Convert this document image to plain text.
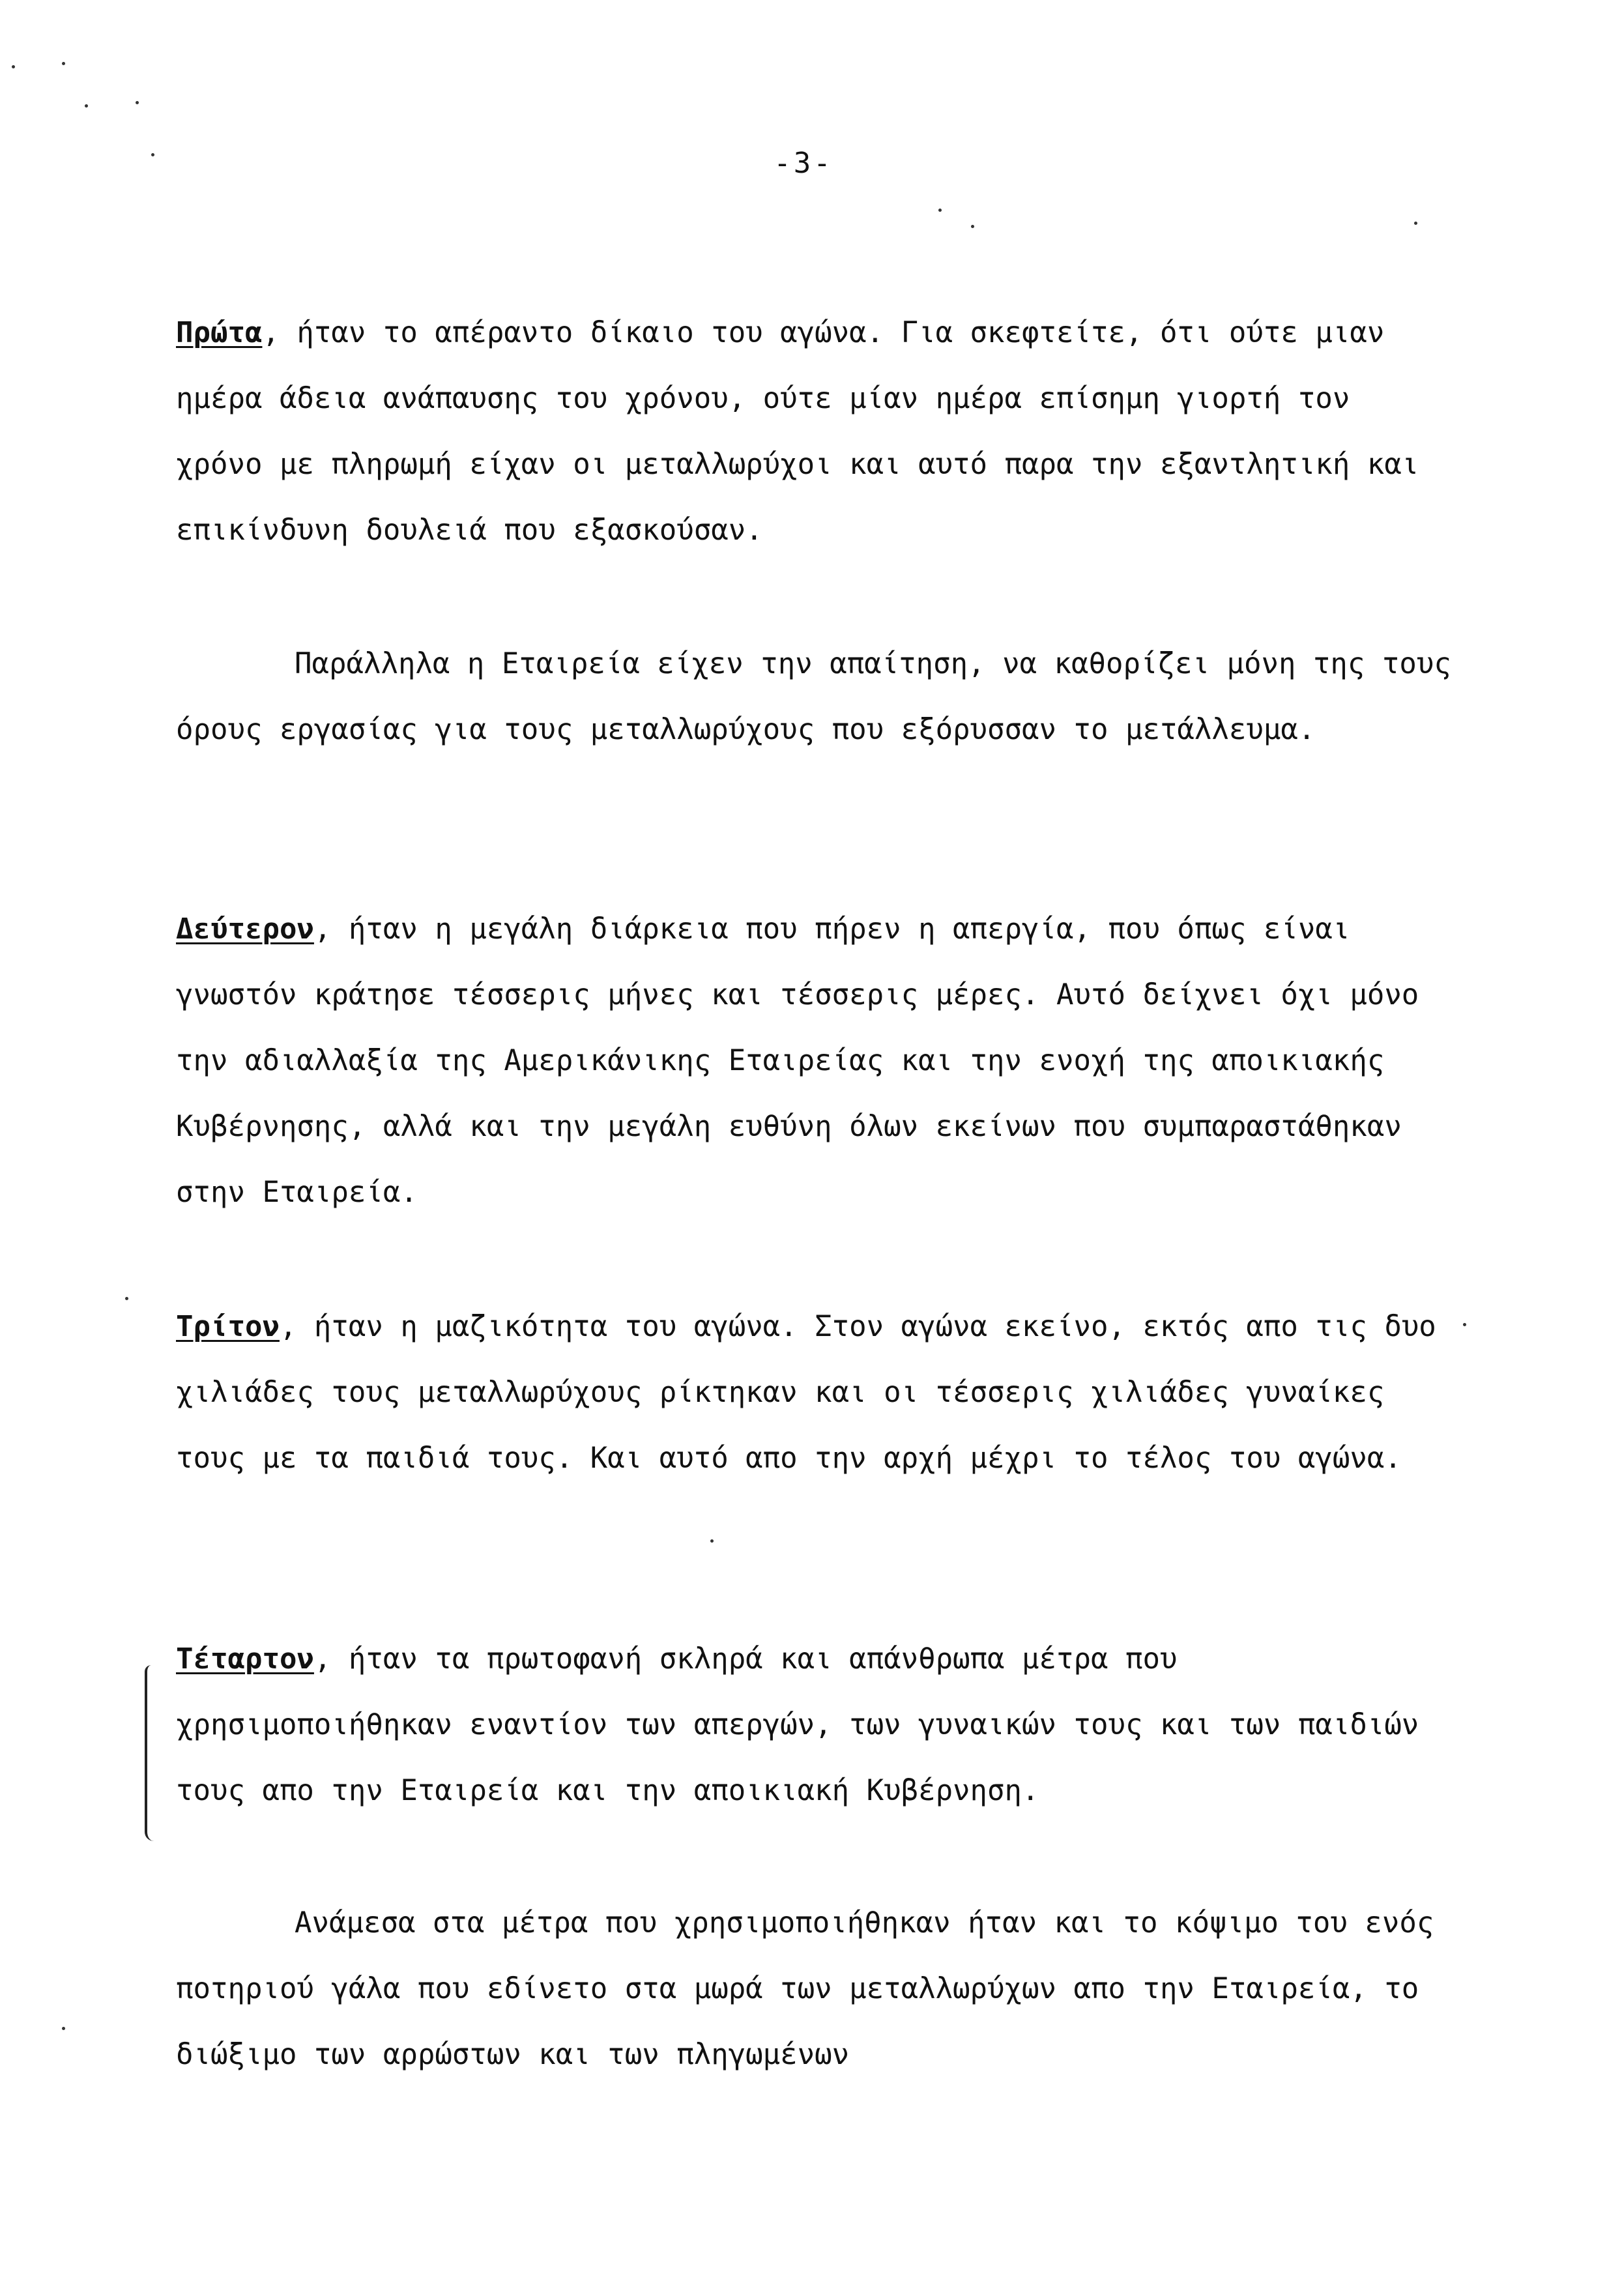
-3-

Πρώτα, ήταν το απέραντο δίκαιο του αγώνα. Για σκεφτείτε, ότι ούτε μιαν ημέρα άδεια ανάπαυσης του χρόνου, ούτε μίαν ημέρα επίσημη γιορτή τον χρόνο με πληρωμή είχαν οι μεταλλωρύχοι και αυτό παρα την εξαντλητική και επικίνδυνη δουλειά που εξασκούσαν.

Παράλληλα η Εταιρεία είχεν την απαίτηση, να καθορίζει μόνη της τους όρους εργασίας για τους μεταλλωρύχους που εξόρυσσαν το μετάλλευμα.

Δεύτερον, ήταν η μεγάλη διάρκεια που πήρεν η απεργία, που όπως είναι γνωστόν κράτησε τέσσερις μήνες και τέσσερις μέρες. Αυτό δείχνει όχι μόνο την αδιαλλαξία της Αμερικάνικης Εταιρείας και την ενοχή της αποικιακής Κυβέρνησης, αλλά και την μεγάλη ευθύνη όλων εκείνων που συμπαραστάθηκαν στην Εταιρεία.

Τρίτον, ήταν η μαζικότητα του αγώνα. Στον αγώνα εκείνο, εκτός απο τις δυο χιλιάδες τους μεταλλωρύχους ρίκτηκαν και οι τέσσερις χιλιάδες γυναίκες τους με τα παιδιά τους. Και αυτό απο την αρχή μέχρι το τέλος του αγώνα.

Τέταρτον, ήταν τα πρωτοφανή σκληρά και απάνθρωπα μέτρα που χρησιμοποιήθηκαν εναντίον των απεργών, των γυναικών τους και των παιδιών τους απο την Εταιρεία και την αποικιακή Κυβέρνηση.

Ανάμεσα στα μέτρα που χρησιμοποιήθηκαν ήταν και το κόψιμο του ενός ποτηριού γάλα που εδίνετο στα μωρά των μεταλλωρύχων απο την Εταιρεία, το διώξιμο των αρρώστων και των πληγωμένων
